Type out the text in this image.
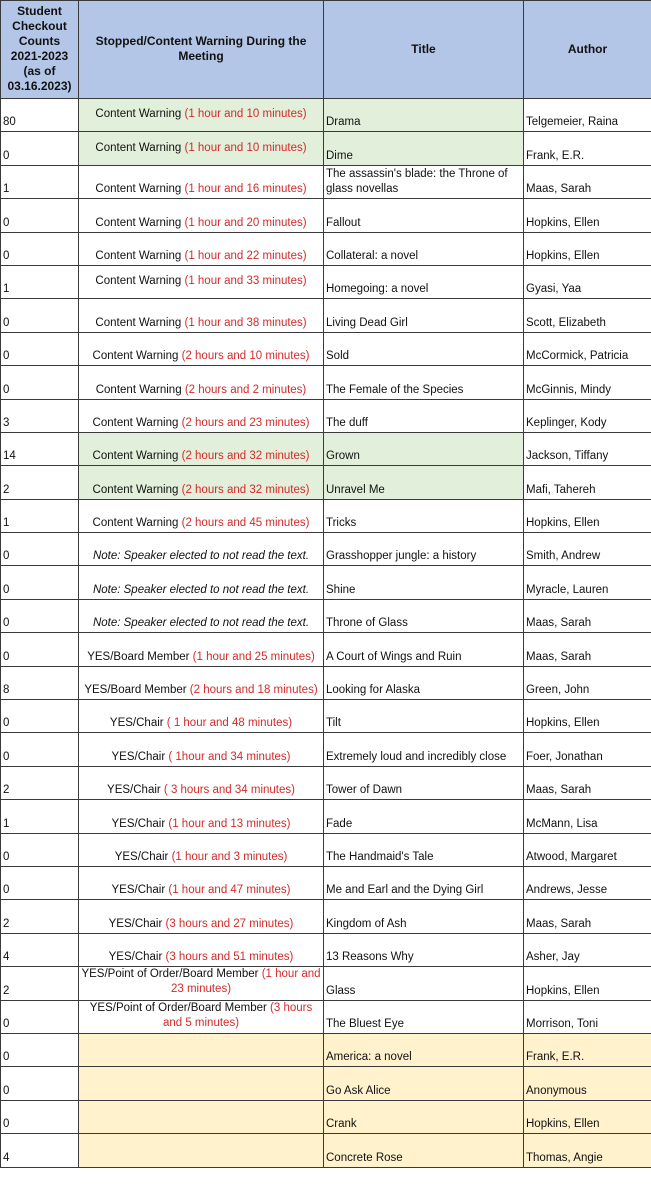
Student Checkout Counts 2021-2023 (as of 03.16.2023)	Stopped/Content Warning During the Meeting	Title	Author
80	Content Warning (1 hour and 10 minutes)	Drama	Telgemeier, Raina
0	Content Warning (1 hour and 10 minutes)	Dime	Frank, E.R.
1	Content Warning (1 hour and 16 minutes)	The assassin's blade: the Throne of glass novellas	Maas, Sarah
0	Content Warning (1 hour and 20 minutes)	Fallout	Hopkins, Ellen
0	Content Warning (1 hour and 22 minutes)	Collateral: a novel	Hopkins, Ellen
1	Content Warning (1 hour and 33 minutes)	Homegoing: a novel	Gyasi, Yaa
0	Content Warning (1 hour and 38 minutes)	Living Dead Girl	Scott, Elizabeth
0	Content Warning (2 hours and 10 minutes)	Sold	McCormick, Patricia
0	Content Warning (2 hours and 2 minutes)	The Female of the Species	McGinnis, Mindy
3	Content Warning (2 hours and 23 minutes)	The duff	Keplinger, Kody
14	Content Warning (2 hours and 32 minutes)	Grown	Jackson, Tiffany
2	Content Warning (2 hours and 32 minutes)	Unravel Me	Mafi, Tahereh
1	Content Warning (2 hours and 45 minutes)	Tricks	Hopkins, Ellen
0	Note: Speaker elected to not read the text.	Grasshopper jungle: a history	Smith, Andrew
0	Note: Speaker elected to not read the text.	Shine	Myracle, Lauren
0	Note: Speaker elected to not read the text.	Throne of Glass	Maas, Sarah
0	YES/Board Member (1 hour and 25 minutes)	A Court of Wings and Ruin	Maas, Sarah
8	YES/Board Member (2 hours and 18 minutes)	Looking for Alaska	Green, John
0	YES/Chair ( 1 hour and 48 minutes)	Tilt	Hopkins, Ellen
0	YES/Chair ( 1hour and 34 minutes)	Extremely loud and incredibly close	Foer, Jonathan
2	YES/Chair ( 3 hours and 34 minutes)	Tower of Dawn	Maas, Sarah
1	YES/Chair (1 hour and 13 minutes)	Fade	McMann, Lisa
0	YES/Chair (1 hour and 3 minutes)	The Handmaid's Tale	Atwood, Margaret
0	YES/Chair (1 hour and 47 minutes)	Me and Earl and the Dying Girl	Andrews, Jesse
2	YES/Chair (3 hours and 27 minutes)	Kingdom of Ash	Maas, Sarah
4	YES/Chair (3 hours and 51 minutes)	13 Reasons Why	Asher, Jay
2	YES/Point of Order/Board Member (1 hour and 23 minutes)	Glass	Hopkins, Ellen
0	YES/Point of Order/Board Member (3 hours and 5 minutes)	The Bluest Eye	Morrison, Toni
0		America: a novel	Frank, E.R.
0		Go Ask Alice	Anonymous
0		Crank	Hopkins, Ellen
4		Concrete Rose	Thomas, Angie
